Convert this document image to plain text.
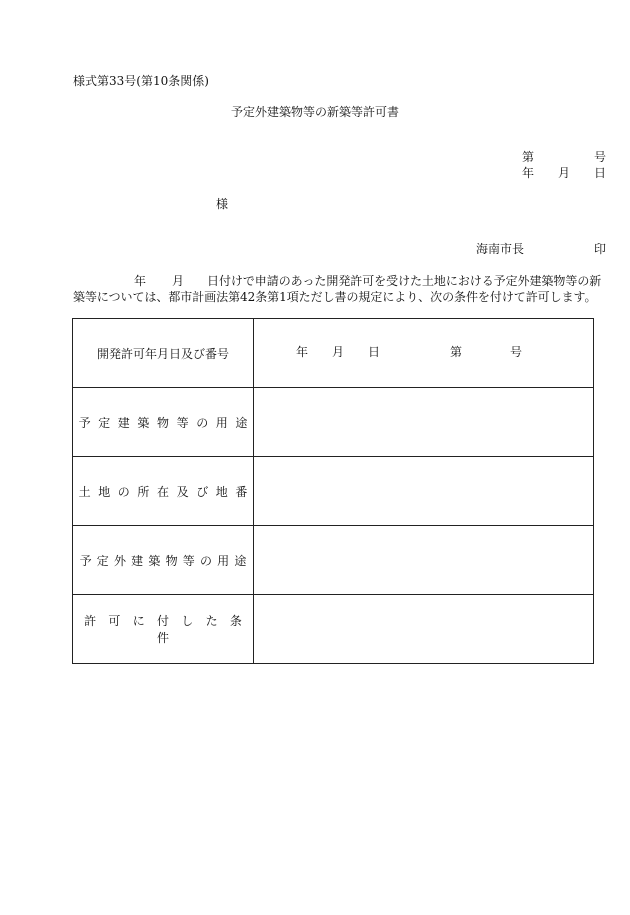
様式第33号(第10条関係)
予定外建築物等の新築等許可書
第	号
年 月 日
様
海南市長	印
年 月 日付けで申請のあった開発許可を受けた土地における予定外建築物等の新
築等については、都市計画法第42条第1項ただし書の規定により、次の条件を付けて許可します。
開発許可年月日及び番号	年 月 日 第 号

予定建築物等の用途	
土地の所在及び地番	
予定外建築物等の用途	
許可に付した条件	
